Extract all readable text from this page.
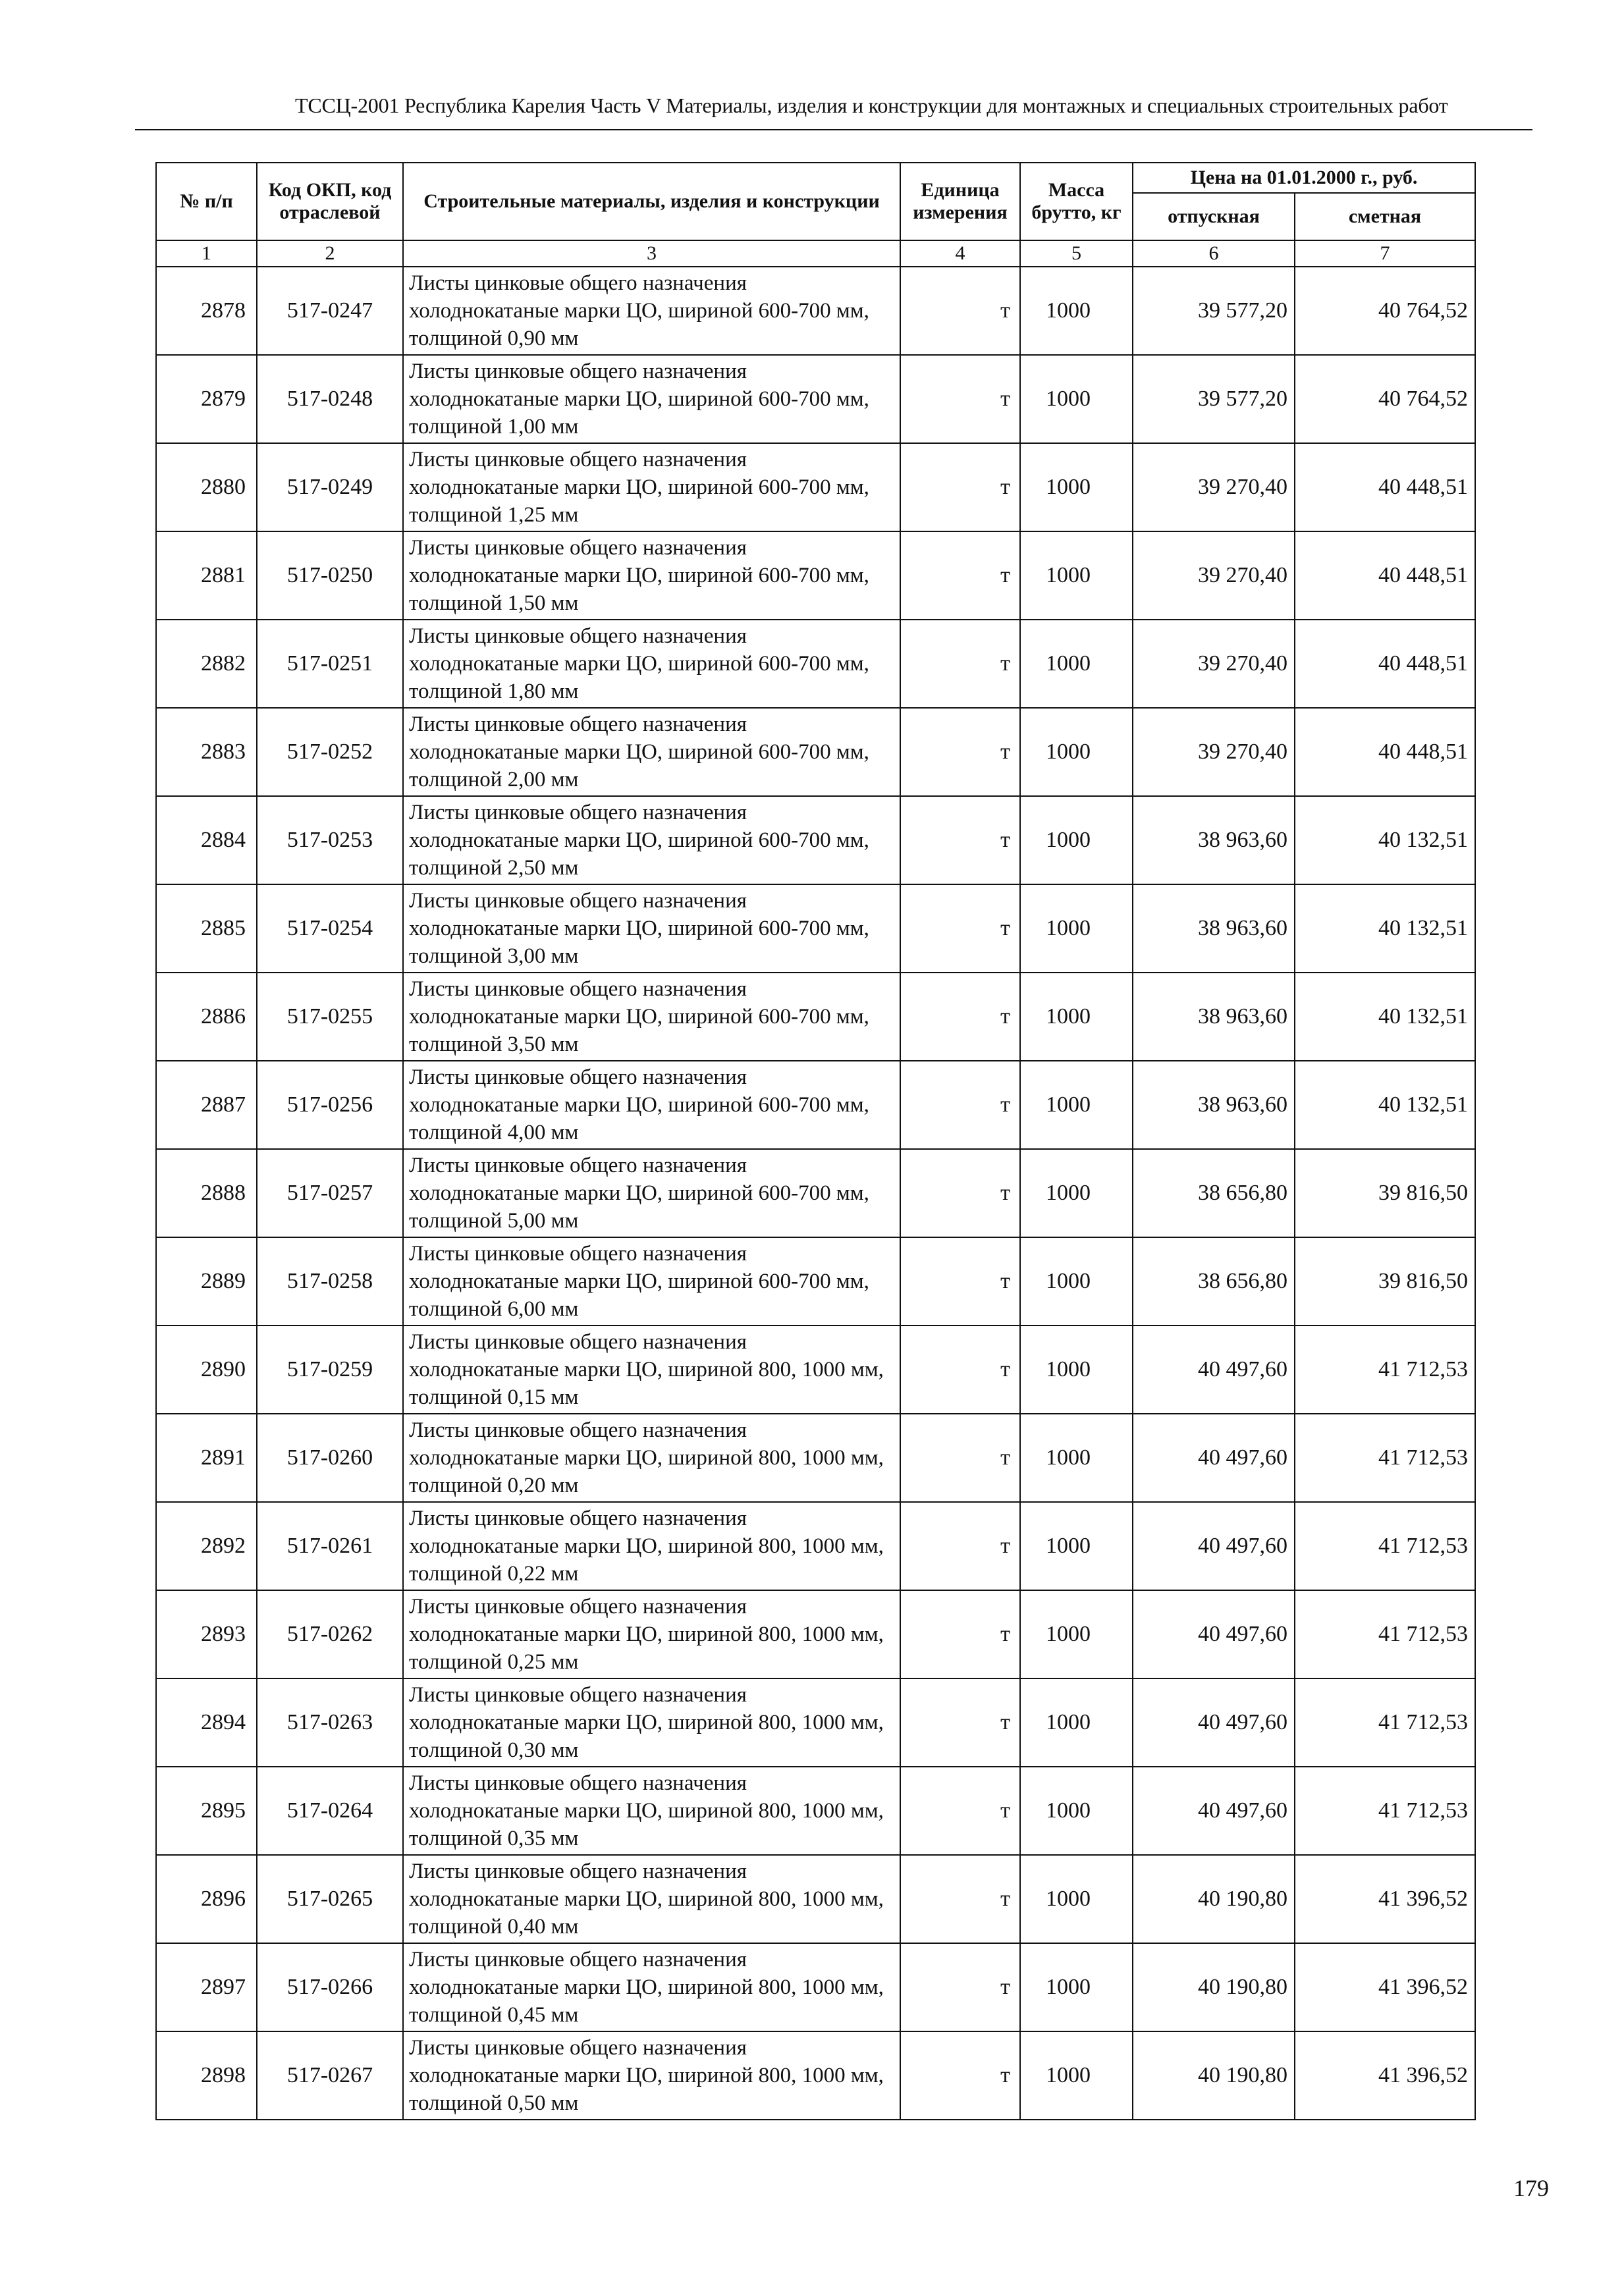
ТССЦ-2001 Республика Карелия Часть V Материалы, изделия и конструкции для монтажных и специальных строительных работ
№ п/п	Код ОКП, код отраслевой	Строительные материалы, изделия и конструкции	Единица измерения	Масса брутто, кг	Цена на 01.01.2000 г., руб.	
					отпускная	сметная
1	2	3	4	5	6	7
2878	517-0247	Листы цинковые общего назначения холоднокатаные марки ЦО, шириной 600-700 мм, толщиной 0,90 мм	т	1000	39 577,20	40 764,52
2879	517-0248	Листы цинковые общего назначения холоднокатаные марки ЦО, шириной 600-700 мм, толщиной 1,00 мм	т	1000	39 577,20	40 764,52
2880	517-0249	Листы цинковые общего назначения холоднокатаные марки ЦО, шириной 600-700 мм, толщиной 1,25 мм	т	1000	39 270,40	40 448,51
2881	517-0250	Листы цинковые общего назначения холоднокатаные марки ЦО, шириной 600-700 мм, толщиной 1,50 мм	т	1000	39 270,40	40 448,51
2882	517-0251	Листы цинковые общего назначения холоднокатаные марки ЦО, шириной 600-700 мм, толщиной 1,80 мм	т	1000	39 270,40	40 448,51
2883	517-0252	Листы цинковые общего назначения холоднокатаные марки ЦО, шириной 600-700 мм, толщиной 2,00 мм	т	1000	39 270,40	40 448,51
2884	517-0253	Листы цинковые общего назначения холоднокатаные марки ЦО, шириной 600-700 мм, толщиной 2,50 мм	т	1000	38 963,60	40 132,51
2885	517-0254	Листы цинковые общего назначения холоднокатаные марки ЦО, шириной 600-700 мм, толщиной 3,00 мм	т	1000	38 963,60	40 132,51
2886	517-0255	Листы цинковые общего назначения холоднокатаные марки ЦО, шириной 600-700 мм, толщиной 3,50 мм	т	1000	38 963,60	40 132,51
2887	517-0256	Листы цинковые общего назначения холоднокатаные марки ЦО, шириной 600-700 мм, толщиной 4,00 мм	т	1000	38 963,60	40 132,51
2888	517-0257	Листы цинковые общего назначения холоднокатаные марки ЦО, шириной 600-700 мм, толщиной 5,00 мм	т	1000	38 656,80	39 816,50
2889	517-0258	Листы цинковые общего назначения холоднокатаные марки ЦО, шириной 600-700 мм, толщиной 6,00 мм	т	1000	38 656,80	39 816,50
2890	517-0259	Листы цинковые общего назначения холоднокатаные марки ЦО, шириной 800, 1000 мм, толщиной 0,15 мм	т	1000	40 497,60	41 712,53
2891	517-0260	Листы цинковые общего назначения холоднокатаные марки ЦО, шириной 800, 1000 мм, толщиной 0,20 мм	т	1000	40 497,60	41 712,53
2892	517-0261	Листы цинковые общего назначения холоднокатаные марки ЦО, шириной 800, 1000 мм, толщиной 0,22 мм	т	1000	40 497,60	41 712,53
2893	517-0262	Листы цинковые общего назначения холоднокатаные марки ЦО, шириной 800, 1000 мм, толщиной 0,25 мм	т	1000	40 497,60	41 712,53
2894	517-0263	Листы цинковые общего назначения холоднокатаные марки ЦО, шириной 800, 1000 мм, толщиной 0,30 мм	т	1000	40 497,60	41 712,53
2895	517-0264	Листы цинковые общего назначения холоднокатаные марки ЦО, шириной 800, 1000 мм, толщиной 0,35 мм	т	1000	40 497,60	41 712,53
2896	517-0265	Листы цинковые общего назначения холоднокатаные марки ЦО, шириной 800, 1000 мм, толщиной 0,40 мм	т	1000	40 190,80	41 396,52
2897	517-0266	Листы цинковые общего назначения холоднокатаные марки ЦО, шириной 800, 1000 мм, толщиной 0,45 мм	т	1000	40 190,80	41 396,52
2898	517-0267	Листы цинковые общего назначения холоднокатаные марки ЦО, шириной 800, 1000 мм, толщиной 0,50 мм	т	1000	40 190,80	41 396,52
179
